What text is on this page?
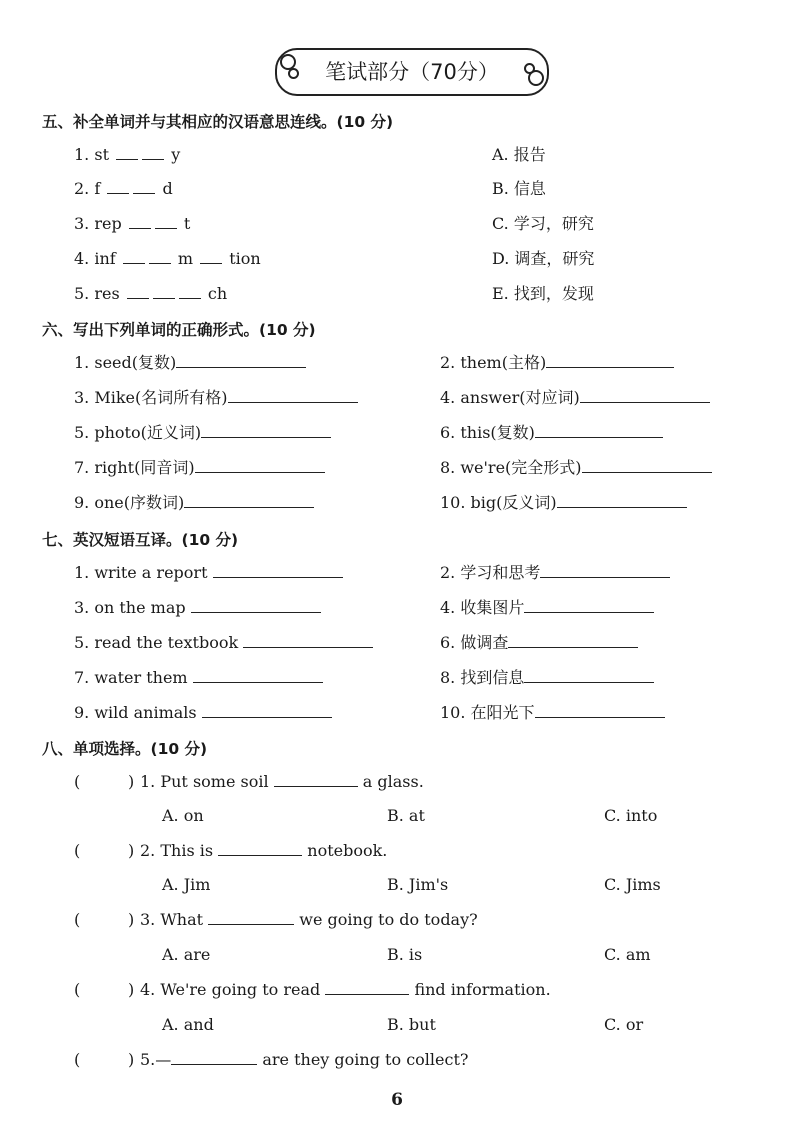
笔试部分（70分）
五、补全单词并与其相应的汉语意思连线。(10 分)
1. st	y
2. f	d
3. rep	t
4. inf	m tion
5. res	ch
A. 报告
B. 信息
C. 学习，研究
D. 调查，研究
E. 找到，发现
六、写出下列单词的正确形式。(10 分)
1. seed(复数)	2. them(主格)
3. Mike(名词所有格)	4. answer(对应词)
5. photo(近义词)	6. this(复数)
7. right(同音词)	8. we're(完全形式)
9. one(序数词)	10. big(反义词)
七、英汉短语互译。(10 分)
1. write a report	2. 学习和思考
3. on the map	4. 收集图片
5. read the textbook	6. 做调查
7. water them	8. 找到信息
9. wild animals	10. 在阳光下
八、单项选择。(10 分)
(	) 1. Put some soil	a glass.
A. on	B. at	C. into
(	) 2. This is	notebook.
A. Jim	B. Jim's	C. Jims
(	) 3. What	we going to do today?
A. are	B. is	C. am
(	) 4. We're going to read	find information.
A. and	B. but	C. or
(	) 5.—	are they going to collect?
6
